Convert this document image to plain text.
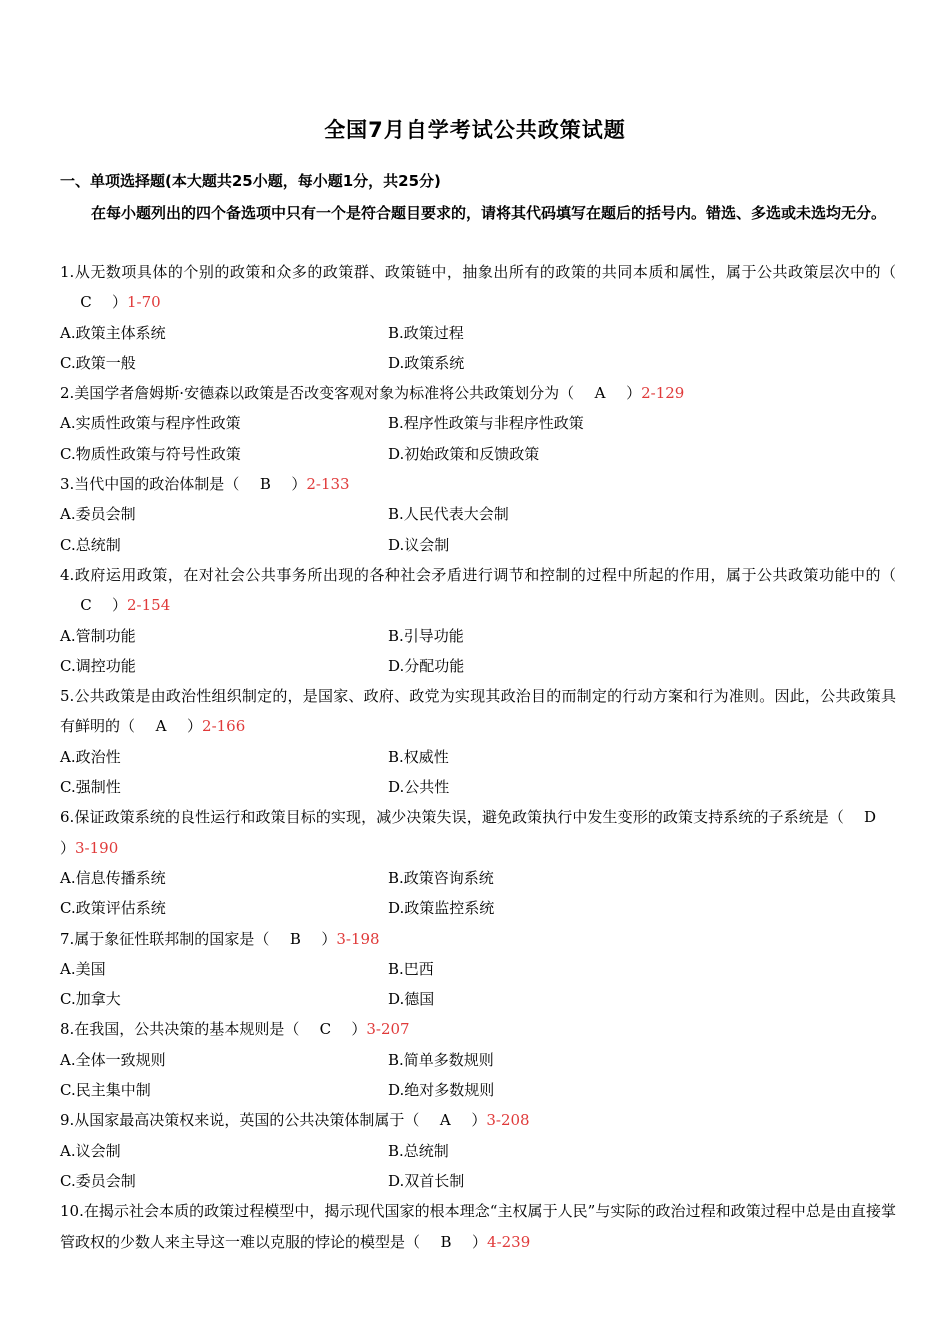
全国7月自学考试公共政策试题
一、单项选择题(本大题共25小题，每小题1分，共25分)
在每小题列出的四个备选项中只有一个是符合题目要求的，请将其代码填写在题后的括号内。错选、多选或未选均无分。
1.从无数项具体的个别的政策和众多的政策群、政策链中，抽象出所有的政策的共同本质和属性，属于公共政策层次中的（C ）1-70
A.政策主体系统	B.政策过程
C.政策一般	D.政策系统
2.美国学者詹姆斯·安德森以政策是否改变客观对象为标准将公共政策划分为（ A ）2-129
A.实质性政策与程序性政策	B.程序性政策与非程序性政策
C.物质性政策与符号性政策	D.初始政策和反馈政策
3.当代中国的政治体制是（ B ）2-133
A.委员会制	B.人民代表大会制
C.总统制	D.议会制
4.政府运用政策，在对社会公共事务所出现的各种社会矛盾进行调节和控制的过程中所起的作用，属于公共政策功能中的（C ）2-154
A.管制功能	B.引导功能
C.调控功能	D.分配功能
5.公共政策是由政治性组织制定的，是国家、政府、政党为实现其政治目的而制定的行动方案和行为准则。因此，公共政策具有鲜明的（ A ）2-166
A.政治性	B.权威性
C.强制性	D.公共性
6.保证政策系统的良性运行和政策目标的实现，减少决策失误，避免政策执行中发生变形的政策支持系统的子系统是（ D）3-190
A.信息传播系统	B.政策咨询系统
C.政策评估系统	D.政策监控系统
7.属于象征性联邦制的国家是（ B ）3-198
A.美国	B.巴西
C.加拿大	D.德国
8.在我国，公共决策的基本规则是（ C ）3-207
A.全体一致规则	B.简单多数规则
C.民主集中制	D.绝对多数规则
9.从国家最高决策权来说，英国的公共决策体制属于（ A ）3-208
A.议会制	B.总统制
C.委员会制	D.双首长制
10.在揭示社会本质的政策过程模型中，揭示现代国家的根本理念“主权属于人民”与实际的政治过程和政策过程中总是由直接掌管政权的少数人来主导这一难以克服的悖论的模型是（ B ）4-239
